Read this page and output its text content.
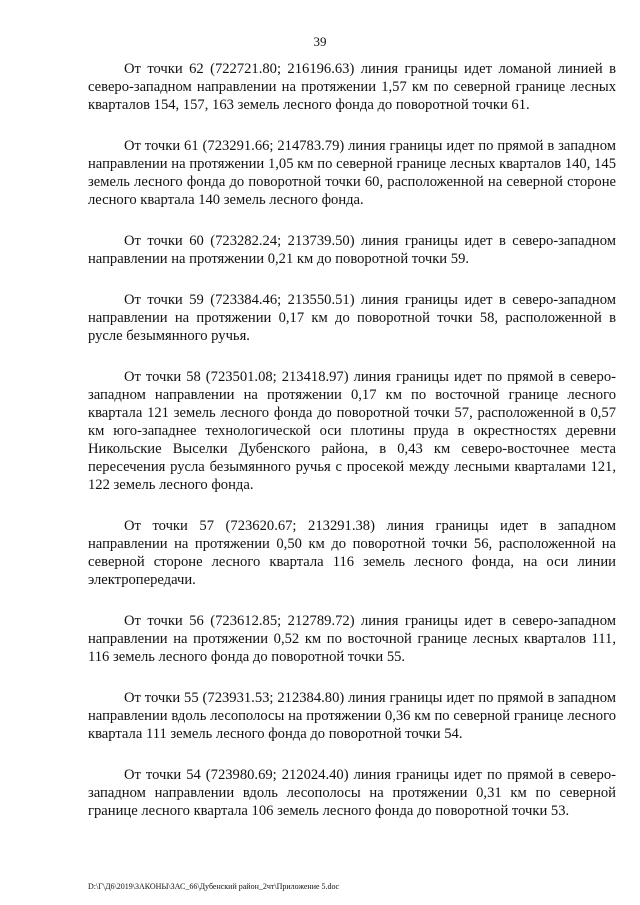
39

От точки 62 (722721.80; 216196.63) линия границы идет ломаной линией в северо-западном направлении на протяжении 1,57 км по северной границе лесных кварталов 154, 157, 163 земель лесного фонда до поворотной точки 61.

От точки 61 (723291.66; 214783.79) линия границы идет по прямой в западном направлении на протяжении 1,05 км по северной границе лесных кварталов 140, 145 земель лесного фонда до поворотной точки 60, расположенной на северной стороне лесного квартала 140 земель лесного фонда.

От точки 60 (723282.24; 213739.50) линия границы идет в северо-западном направлении на протяжении 0,21 км до поворотной точки 59.

От точки 59 (723384.46; 213550.51) линия границы идет в северо-западном направлении на протяжении 0,17 км до поворотной точки 58, расположенной в русле безымянного ручья.

От точки 58 (723501.08; 213418.97) линия границы идет по прямой в северо-западном направлении на протяжении 0,17 км по восточной границе лесного квартала 121 земель лесного фонда до поворотной точки 57, расположенной в 0,57 км юго-западнее технологической оси плотины пруда в окрестностях деревни Никольские Выселки Дубенского района, в 0,43 км северо-восточнее места пересечения русла безымянного ручья с просекой между лесными кварталами 121, 122 земель лесного фонда.

От точки 57 (723620.67; 213291.38) линия границы идет в западном направлении на протяжении 0,50 км до поворотной точки 56, расположенной на северной стороне лесного квартала 116 земель лесного фонда, на оси линии электропередачи.

От точки 56 (723612.85; 212789.72) линия границы идет в северо-западном направлении на протяжении 0,52 км по восточной границе лесных кварталов 111, 116 земель лесного фонда до поворотной точки 55.

От точки 55 (723931.53; 212384.80) линия границы идет по прямой в западном направлении вдоль лесополосы на протяжении 0,36 км по северной границе лесного квартала 111 земель лесного фонда до поворотной точки 54.

От точки 54 (723980.69; 212024.40) линия границы идет по прямой в северо-западном направлении вдоль лесополосы на протяжении 0,31 км по северной границе лесного квартала 106 земель лесного фонда до поворотной точки 53.

D:\Г\Д6\2019\ЗАКОНЫ\ЗАС_66\Дубенский район_2чт\Приложение 5.doc
